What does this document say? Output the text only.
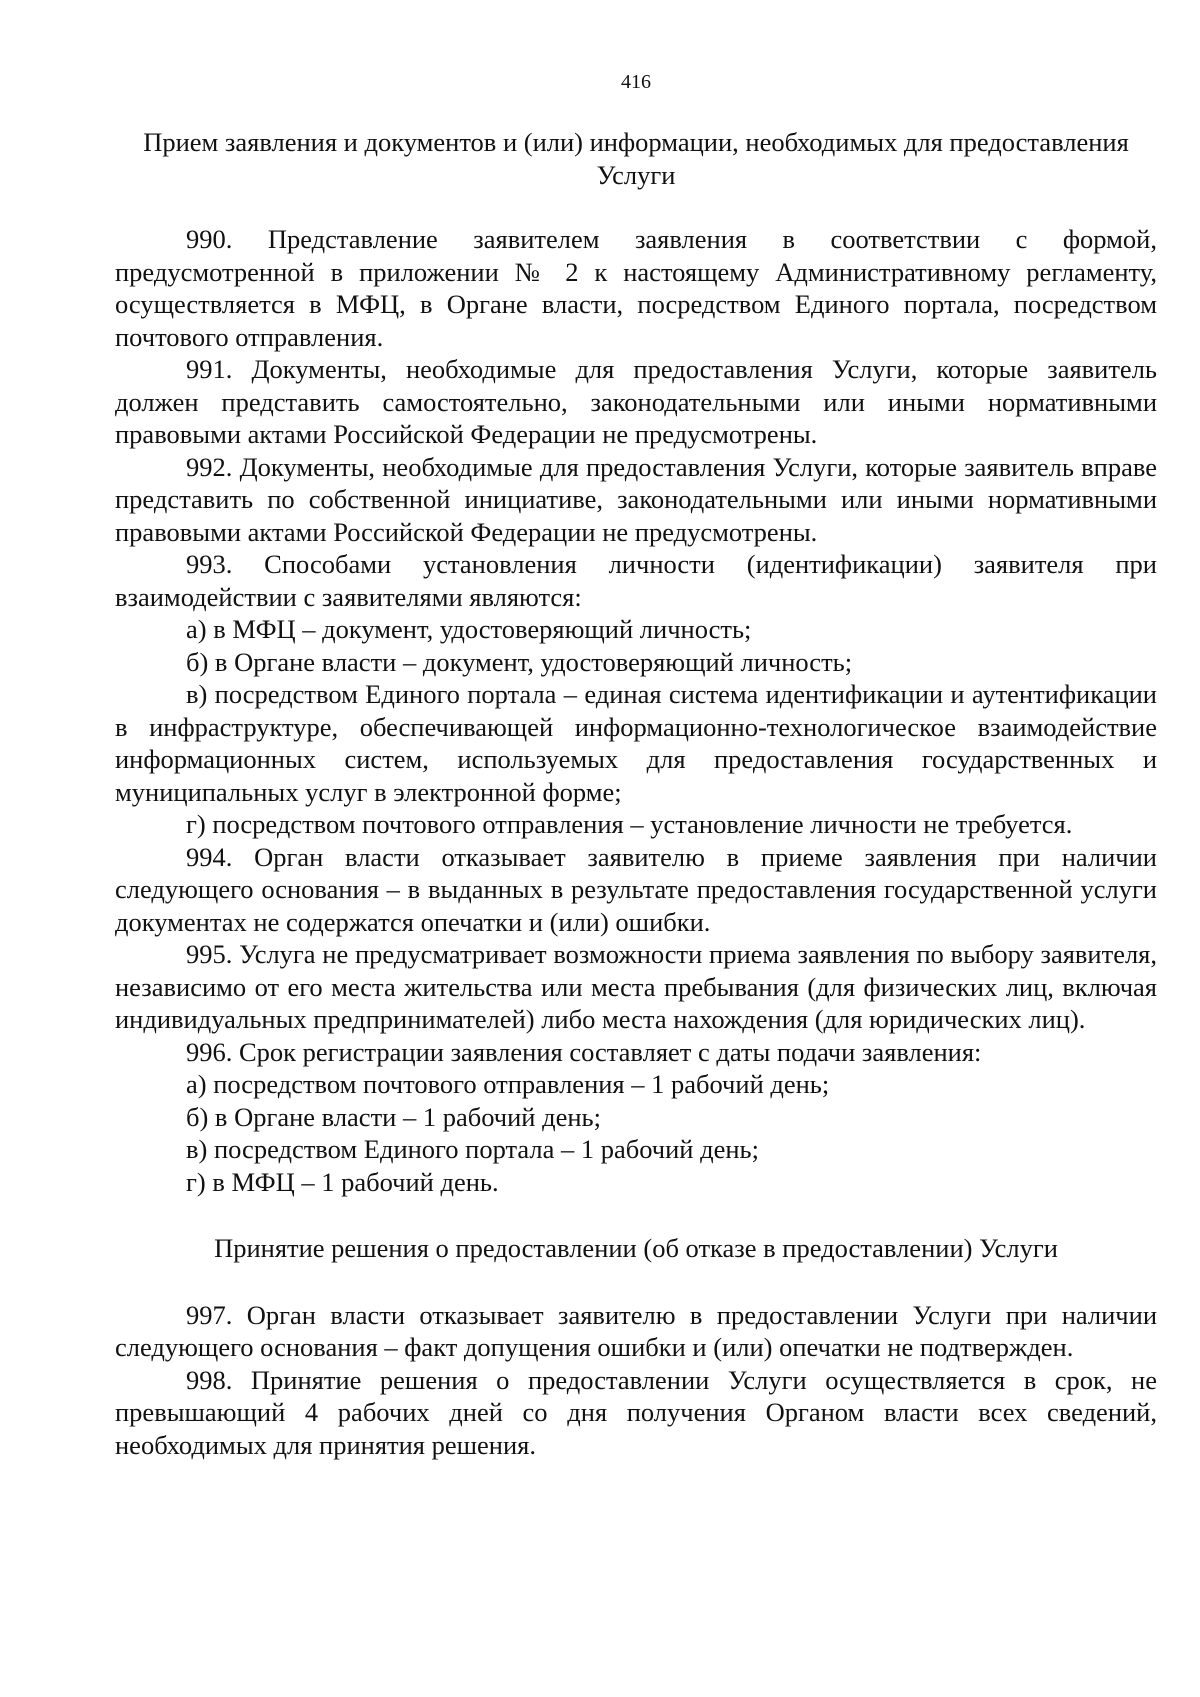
416
Прием заявления и документов и (или) информации, необходимых для предоставления Услуги

990. Представление заявителем заявления в соответствии с формой, предусмотренной в приложении № 2 к настоящему Административному регламенту, осуществляется в МФЦ, в Органе власти, посредством Единого портала, посредством почтового отправления.

991. Документы, необходимые для предоставления Услуги, которые заявитель должен представить самостоятельно, законодательными или иными нормативными правовыми актами Российской Федерации не предусмотрены.

992. Документы, необходимые для предоставления Услуги, которые заявитель вправе представить по собственной инициативе, законодательными или иными нормативными правовыми актами Российской Федерации не предусмотрены.

993. Способами установления личности (идентификации) заявителя при взаимодействии с заявителями являются:

а) в МФЦ – документ, удостоверяющий личность;

б) в Органе власти – документ, удостоверяющий личность;

в) посредством Единого портала – единая система идентификации и аутентификации в инфраструктуре, обеспечивающей информационно-технологическое взаимодействие информационных систем, используемых для предоставления государственных и муниципальных услуг в электронной форме;

г) посредством почтового отправления – установление личности не требуется.

994. Орган власти отказывает заявителю в приеме заявления при наличии следующего основания – в выданных в результате предоставления государственной услуги документах не содержатся опечатки и (или) ошибки.

995. Услуга не предусматривает возможности приема заявления по выбору заявителя, независимо от его места жительства или места пребывания (для физических лиц, включая индивидуальных предпринимателей) либо места нахождения (для юридических лиц).

996. Срок регистрации заявления составляет с даты подачи заявления:

а) посредством почтового отправления – 1 рабочий день;

б) в Органе власти – 1 рабочий день;

в) посредством Единого портала – 1 рабочий день;

г) в МФЦ – 1 рабочий день.

Принятие решения о предоставлении (об отказе в предоставлении) Услуги

997. Орган власти отказывает заявителю в предоставлении Услуги при наличии следующего основания – факт допущения ошибки и (или) опечатки не подтвержден.

998. Принятие решения о предоставлении Услуги осуществляется в срок, не превышающий 4 рабочих дней со дня получения Органом власти всех сведений, необходимых для принятия решения.
